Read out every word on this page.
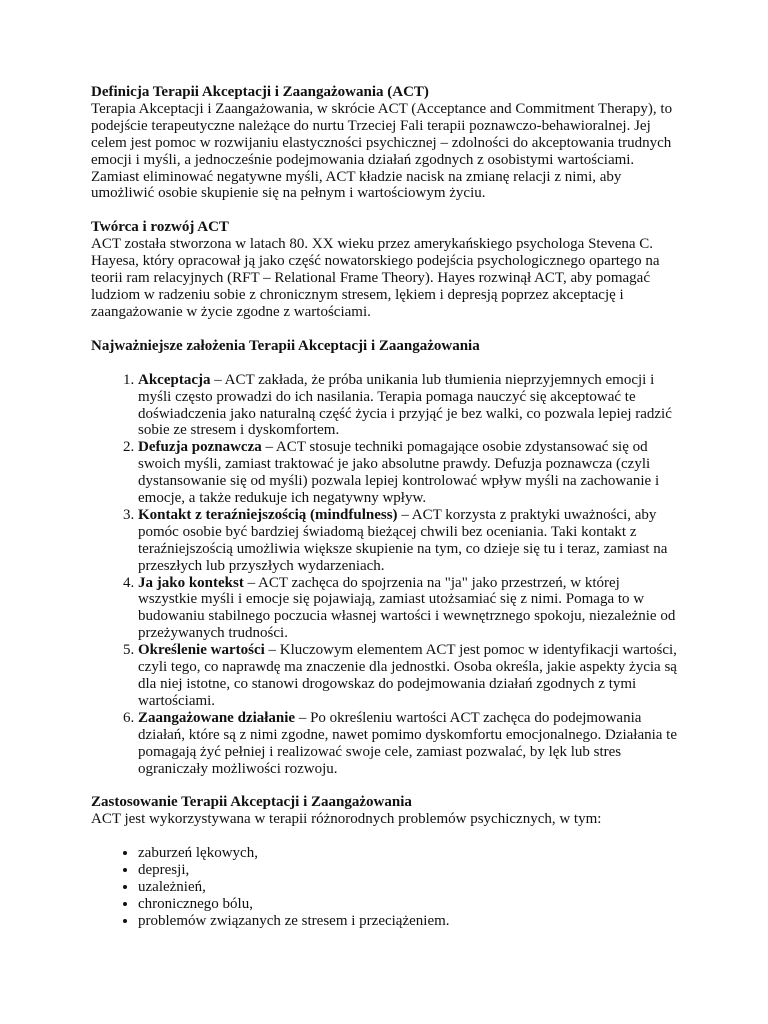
Definicja Terapii Akceptacji i Zaangażowania (ACT)

Terapia Akceptacji i Zaangażowania, w skrócie ACT (Acceptance and Commitment Therapy), to podejście terapeutyczne należące do nurtu Trzeciej Fali terapii poznawczo-behawioralnej. Jej celem jest pomoc w rozwijaniu elastyczności psychicznej – zdolności do akceptowania trudnych emocji i myśli, a jednocześnie podejmowania działań zgodnych z osobistymi wartościami. Zamiast eliminować negatywne myśli, ACT kładzie nacisk na zmianę relacji z nimi, aby umożliwić osobie skupienie się na pełnym i wartościowym życiu.

Twórca i rozwój ACT

ACT została stworzona w latach 80. XX wieku przez amerykańskiego psychologa Stevena C. Hayesa, który opracował ją jako część nowatorskiego podejścia psychologicznego opartego na teorii ram relacyjnych (RFT – Relational Frame Theory). Hayes rozwinął ACT, aby pomagać ludziom w radzeniu sobie z chronicznym stresem, lękiem i depresją poprzez akceptację i zaangażowanie w życie zgodne z wartościami.

Najważniejsze założenia Terapii Akceptacji i Zaangażowania
1. Akceptacja – ACT zakłada, że próba unikania lub tłumienia nieprzyjemnych emocji i myśli często prowadzi do ich nasilania. Terapia pomaga nauczyć się akceptować te doświadczenia jako naturalną część życia i przyjąć je bez walki, co pozwala lepiej radzić sobie ze stresem i dyskomfortem.
2. Defuzja poznawcza – ACT stosuje techniki pomagające osobie zdystansować się od swoich myśli, zamiast traktować je jako absolutne prawdy. Defuzja poznawcza (czyli dystansowanie się od myśli) pozwala lepiej kontrolować wpływ myśli na zachowanie i emocje, a także redukuje ich negatywny wpływ.
3. Kontakt z teraźniejszością (mindfulness) – ACT korzysta z praktyki uważności, aby pomóc osobie być bardziej świadomą bieżącej chwili bez oceniania. Taki kontakt z teraźniejszością umożliwia większe skupienie na tym, co dzieje się tu i teraz, zamiast na przeszłych lub przyszłych wydarzeniach.
4. Ja jako kontekst – ACT zachęca do spojrzenia na "ja" jako przestrzeń, w której wszystkie myśli i emocje się pojawiają, zamiast utożsamiać się z nimi. Pomaga to w budowaniu stabilnego poczucia własnej wartości i wewnętrznego spokoju, niezależnie od przeżywanych trudności.
5. Określenie wartości – Kluczowym elementem ACT jest pomoc w identyfikacji wartości, czyli tego, co naprawdę ma znaczenie dla jednostki. Osoba określa, jakie aspekty życia są dla niej istotne, co stanowi drogowskaz do podejmowania działań zgodnych z tymi wartościami.
6. Zaangażowane działanie – Po określeniu wartości ACT zachęca do podejmowania działań, które są z nimi zgodne, nawet pomimo dyskomfortu emocjonalnego. Działania te pomagają żyć pełniej i realizować swoje cele, zamiast pozwalać, by lęk lub stres ograniczały możliwości rozwoju.
Zastosowanie Terapii Akceptacji i Zaangażowania

ACT jest wykorzystywana w terapii różnorodnych problemów psychicznych, w tym:

• zaburzeń lękowych,
• depresji,
• uzależnień,
• chronicznego bólu,
• problemów związanych ze stresem i przeciążeniem.
